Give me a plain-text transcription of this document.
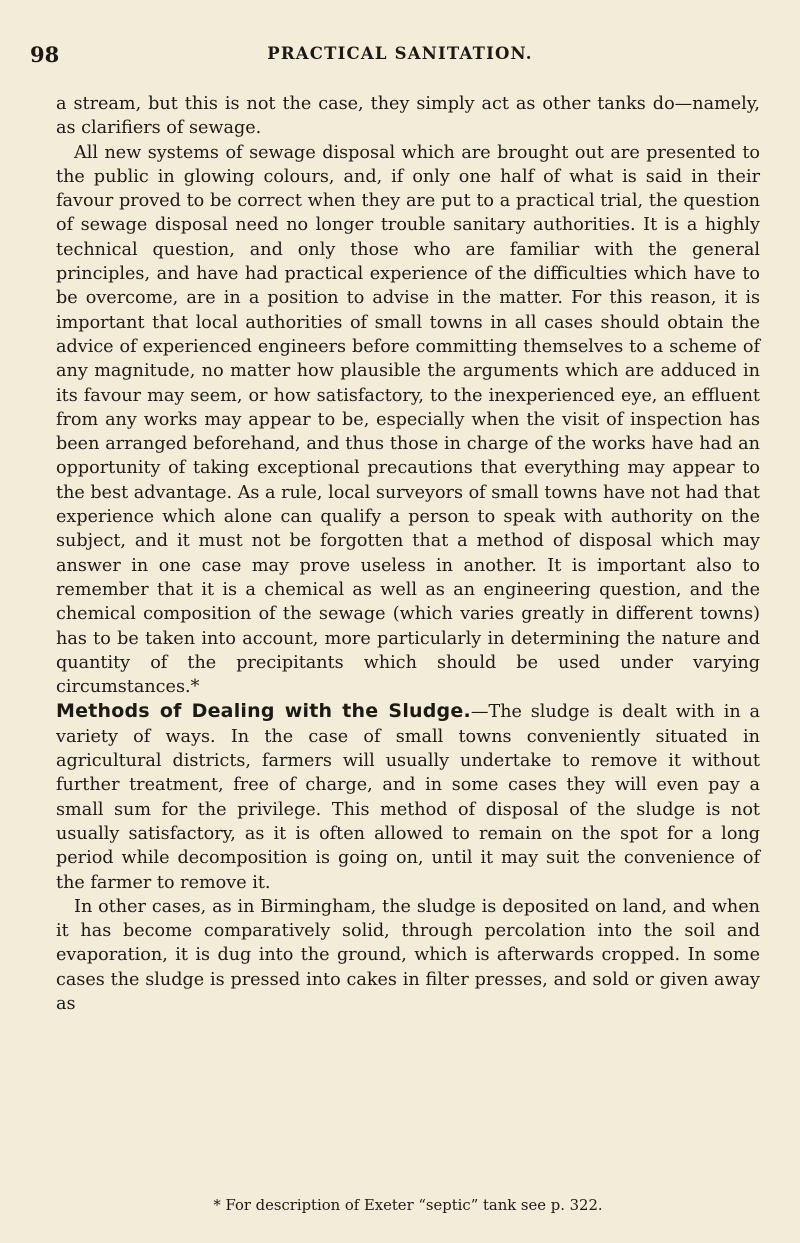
98	PRACTICAL SANITATION.

a stream, but this is not the case, they simply act as other tanks do—namely, as clarifiers of sewage.

All new systems of sewage disposal which are brought out are presented to the public in glowing colours, and, if only one half of what is said in their favour proved to be correct when they are put to a practical trial, the question of sewage disposal need no longer trouble sanitary authorities. It is a highly technical question, and only those who are familiar with the general principles, and have had practical experience of the difficulties which have to be overcome, are in a position to advise in the matter. For this reason, it is important that local authorities of small towns in all cases should obtain the advice of experienced engineers before committing themselves to a scheme of any magnitude, no matter how plausible the arguments which are adduced in its favour may seem, or how satisfactory, to the inexperienced eye, an effluent from any works may appear to be, especially when the visit of inspection has been arranged beforehand, and thus those in charge of the works have had an opportunity of taking exceptional precautions that everything may appear to the best advantage. As a rule, local surveyors of small towns have not had that experience which alone can qualify a person to speak with authority on the subject, and it must not be forgotten that a method of disposal which may answer in one case may prove useless in another. It is important also to remember that it is a chemical as well as an engineering question, and the chemical composition of the sewage (which varies greatly in different towns) has to be taken into account, more particularly in determining the nature and quantity of the precipitants which should be used under varying circumstances.*

Methods of Dealing with the Sludge.—The sludge is dealt with in a variety of ways. In the case of small towns conveniently situated in agricultural districts, farmers will usually undertake to remove it without further treatment, free of charge, and in some cases they will even pay a small sum for the privilege. This method of disposal of the sludge is not usually satisfactory, as it is often allowed to remain on the spot for a long period while decomposition is going on, until it may suit the convenience of the farmer to remove it.

In other cases, as in Birmingham, the sludge is deposited on land, and when it has become comparatively solid, through percolation into the soil and evaporation, it is dug into the ground, which is afterwards cropped. In some cases the sludge is pressed into cakes in filter presses, and sold or given away as

* For description of Exeter “septic” tank see p. 322.
